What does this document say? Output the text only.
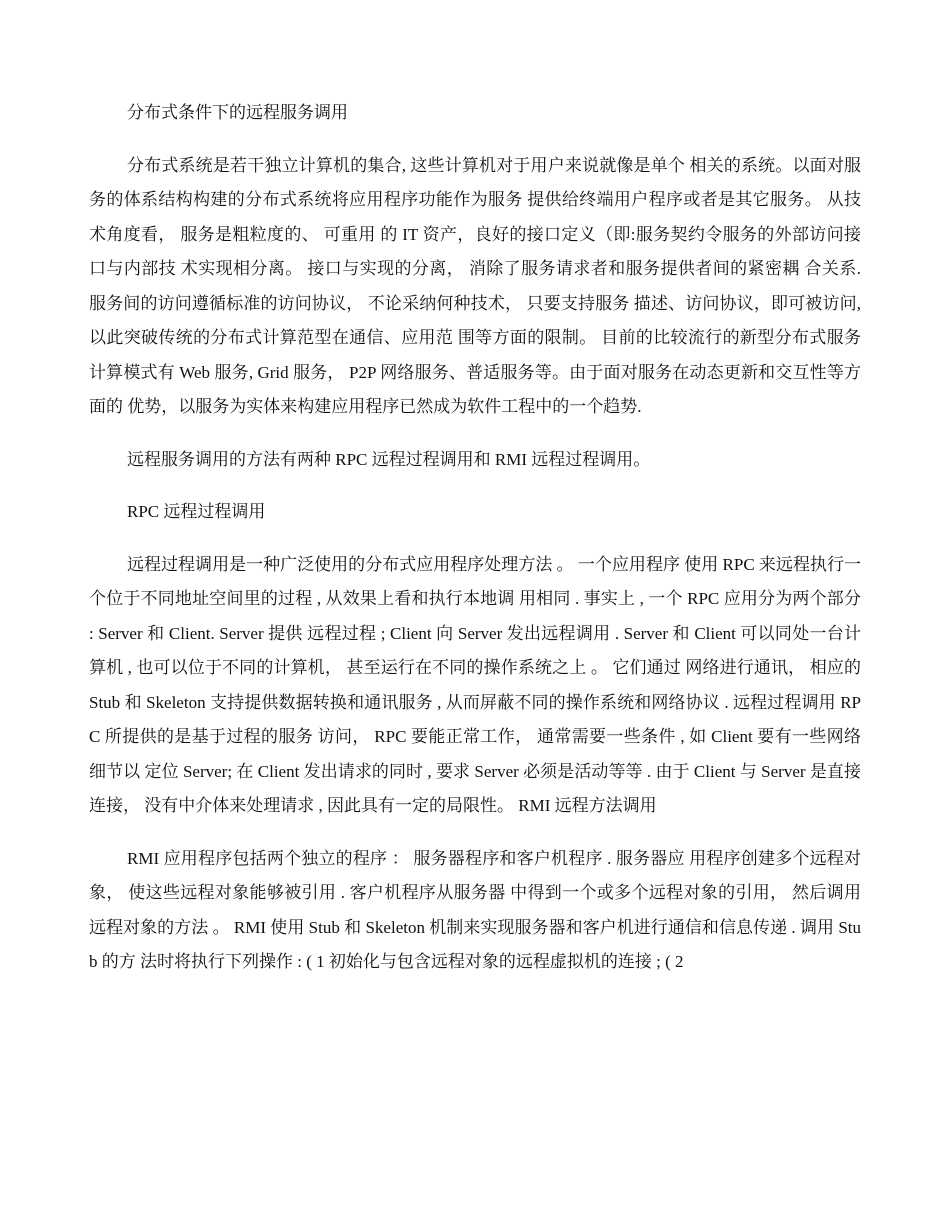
分布式条件下的远程服务调用

分布式系统是若干独立计算机的集合, 这些计算机对于用户来说就像是单个 相关的系统。以面对服务的体系结构构建的分布式系统将应用程序功能作为服务 提供给终端用户程序或者是其它服务。 从技术角度看， 服务是粗粒度的、 可重用 的 IT 资产，良好的接口定义（即:服务契约令服务的外部访问接口与内部技 术实现相分离。 接口与实现的分离， 消除了服务请求者和服务提供者间的紧密耦 合关系. 服务间的访问遵循标准的访问协议， 不论采纳何种技术， 只要支持服务 描述、访问协议，即可被访问,以此突破传统的分布式计算范型在通信、应用范 围等方面的限制。 目前的比较流行的新型分布式服务计算模式有 Web 服务, Grid 服务， P2P 网络服务、普适服务等。由于面对服务在动态更新和交互性等方面的 优势，以服务为实体来构建应用程序已然成为软件工程中的一个趋势.

远程服务调用的方法有两种 RPC 远程过程调用和 RMI 远程过程调用。

RPC 远程过程调用

远程过程调用是一种广泛使用的分布式应用程序处理方法 。 一个应用程序 使用 RPC 来远程执行一个位于不同地址空间里的过程 , 从效果上看和执行本地调 用相同 . 事实上 , 一个 RPC 应用分为两个部分 : Server 和 Client. Server 提供 远程过程 ; Client 向 Server 发出远程调用 . Server 和 Client 可以同处一台计 算机 , 也可以位于不同的计算机， 甚至运行在不同的操作系统之上 。 它们通过 网络进行通讯， 相应的 Stub 和 Skeleton 支持提供数据转换和通讯服务 , 从而屏蔽不同的操作系统和网络协议 . 远程过程调用 RPC 所提供的是基于过程的服务 访问， RPC 要能正常工作， 通常需要一些条件 , 如 Client 要有一些网络细节以 定位 Server; 在 Client 发出请求的同时 , 要求 Server 必须是活动等等 . 由于 Client 与 Server 是直接连接， 没有中介体来处理请求 , 因此具有一定的局限性。 RMI 远程方法调用

RMI 应用程序包括两个独立的程序 ： 服务器程序和客户机程序 . 服务器应 用程序创建多个远程对象， 使这些远程对象能够被引用 . 客户机程序从服务器 中得到一个或多个远程对象的引用， 然后调用远程对象的方法 。 RMI 使用 Stub 和 Skeleton 机制来实现服务器和客户机进行通信和信息传递 . 调用 Stub 的方 法时将执行下列操作 : ( 1 初始化与包含远程对象的远程虚拟机的连接 ; ( 2
